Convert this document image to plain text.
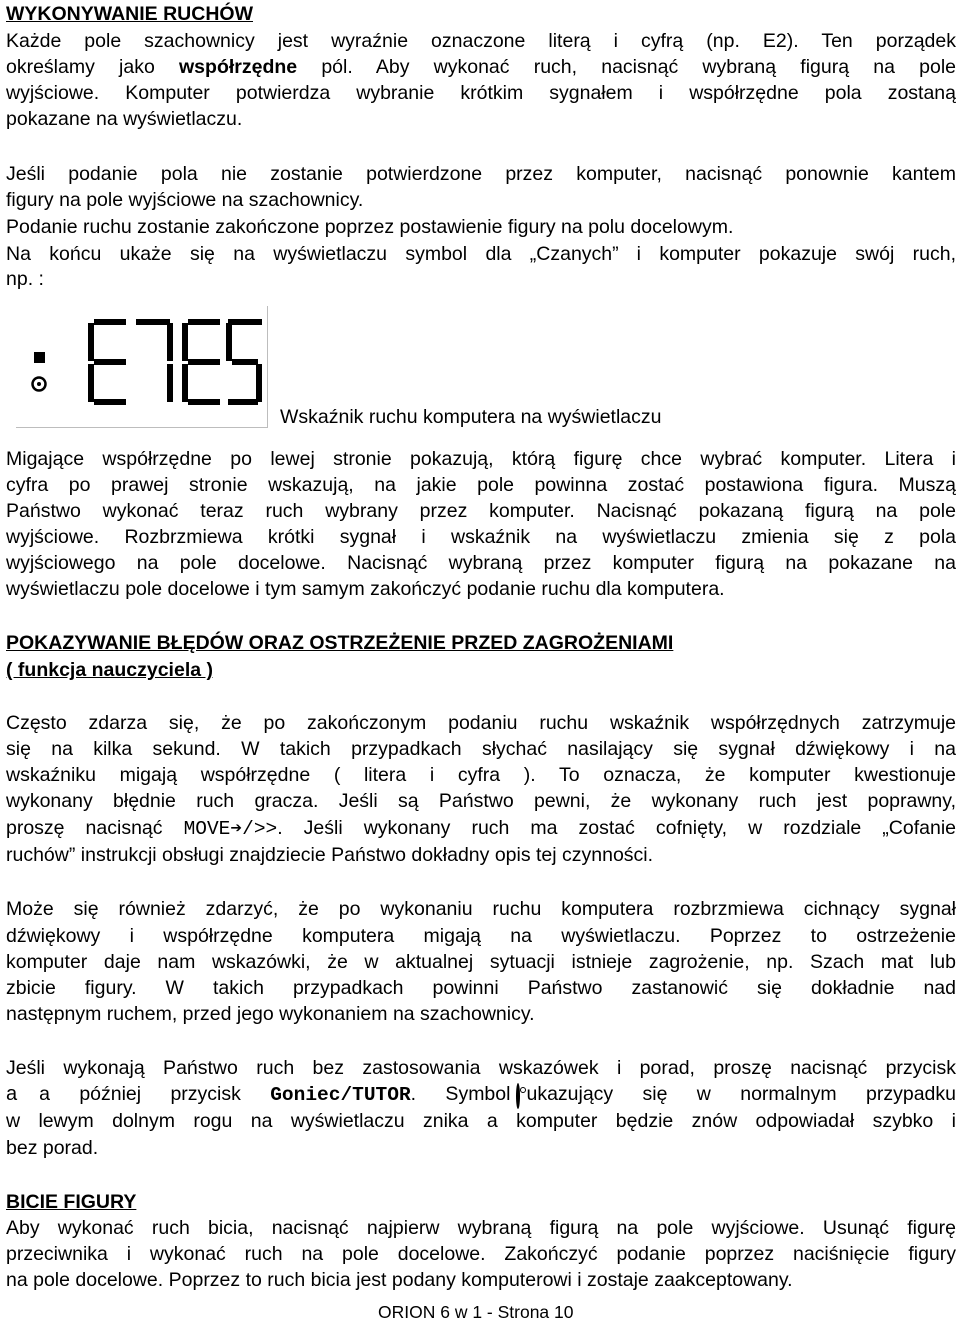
WYKONYWANIE RUCHÓW
Każde pole szachownicy jest wyraźnie oznaczone literą i cyfrą (np. E2). Ten porządek
określamy jako współrzędne pól. Aby wykonać ruch, nacisnąć wybraną figurą na pole
wyjściowe. Komputer potwierdza wybranie krótkim sygnałem i współrzędne pola zostaną
pokazane na wyświetlaczu.
Jeśli podanie pola nie zostanie potwierdzone przez komputer, nacisnąć ponownie kantem
figury na pole wyjściowe na szachownicy.
Podanie ruchu zostanie zakończone poprzez postawienie figury na polu docelowym.
Na końcu ukaże się na wyświetlaczu symbol dla „Czanych” i komputer pokazuje swój ruch,
np. :
Wskaźnik ruchu komputera na wyświetlaczu
Migające współrzędne po lewej stronie pokazują, którą figurę chce wybrać komputer. Litera i
cyfra po prawej stronie wskazują, na jakie pole powinna zostać postawiona figura. Muszą
Państwo wykonać teraz ruch wybrany przez komputer. Nacisnąć pokazaną figurą na pole
wyjściowe. Rozbrzmiewa krótki sygnał i wskaźnik na wyświetlaczu zmienia się z pola
wyjściowego na pole docelowe. Nacisnąć wybraną przez komputer figurą na pokazane na
wyświetlaczu pole docelowe i tym samym zakończyć podanie ruchu dla komputera.
POKAZYWANIE BŁĘDÓW ORAZ OSTRZEŻENIE PRZED ZAGROŻENIAMI
( funkcja nauczyciela )
Często zdarza się, że po zakończonym podaniu ruchu wskaźnik współrzędnych zatrzymuje
się na kilka sekund. W takich przypadkach słychać nasilający się sygnał dźwiękowy i na
wskaźniku migają współrzędne ( litera i cyfra ). To oznacza, że komputer kwestionuje
wykonany błędnie ruch gracza. Jeśli są Państwo pewni, że wykonany ruch jest poprawny,
proszę nacisnąć MOVE➔/>>. Jeśli wykonany ruch ma zostać cofnięty, w rozdziale „Cofanie
ruchów” instrukcji obsługi znajdziecie Państwo dokładny opis tej czynności.
Może się również zdarzyć, że po wykonaniu ruchu komputera rozbrzmiewa cichnący sygnał
dźwiękowy i współrzędne komputera migają na wyświetlaczu. Poprzez to ostrzeżenie
komputer daje nam wskazówki, że w aktualnej sytuacji istnieje zagrożenie, np. Szach mat lub
zbicie figury. W takich przypadkach powinni Państwo zastanowić się dokładnie nad
następnym ruchem, przed jego wykonaniem na szachownicy.
Jeśli wykonają Państwo ruch bez zastosowania wskazówek i porad, proszę nacisnąć przycisk
a a później przycisk Goniec/TUTOR. Symbol ukazujący się w normalnym przypadku
w lewym dolnym rogu na wyświetlaczu znika a komputer będzie znów odpowiadał szybko i
bez porad.
BICIE FIGURY
Aby wykonać ruch bicia, nacisnąć najpierw wybraną figurą na pole wyjściowe. Usunąć figurę
przeciwnika i wykonać ruch na pole docelowe. Zakończyć podanie poprzez naciśnięcie figury
na pole docelowe. Poprzez to ruch bicia jest podany komputerowi i zostaje zaakceptowany.
ORION 6 w 1 - Strona 10
